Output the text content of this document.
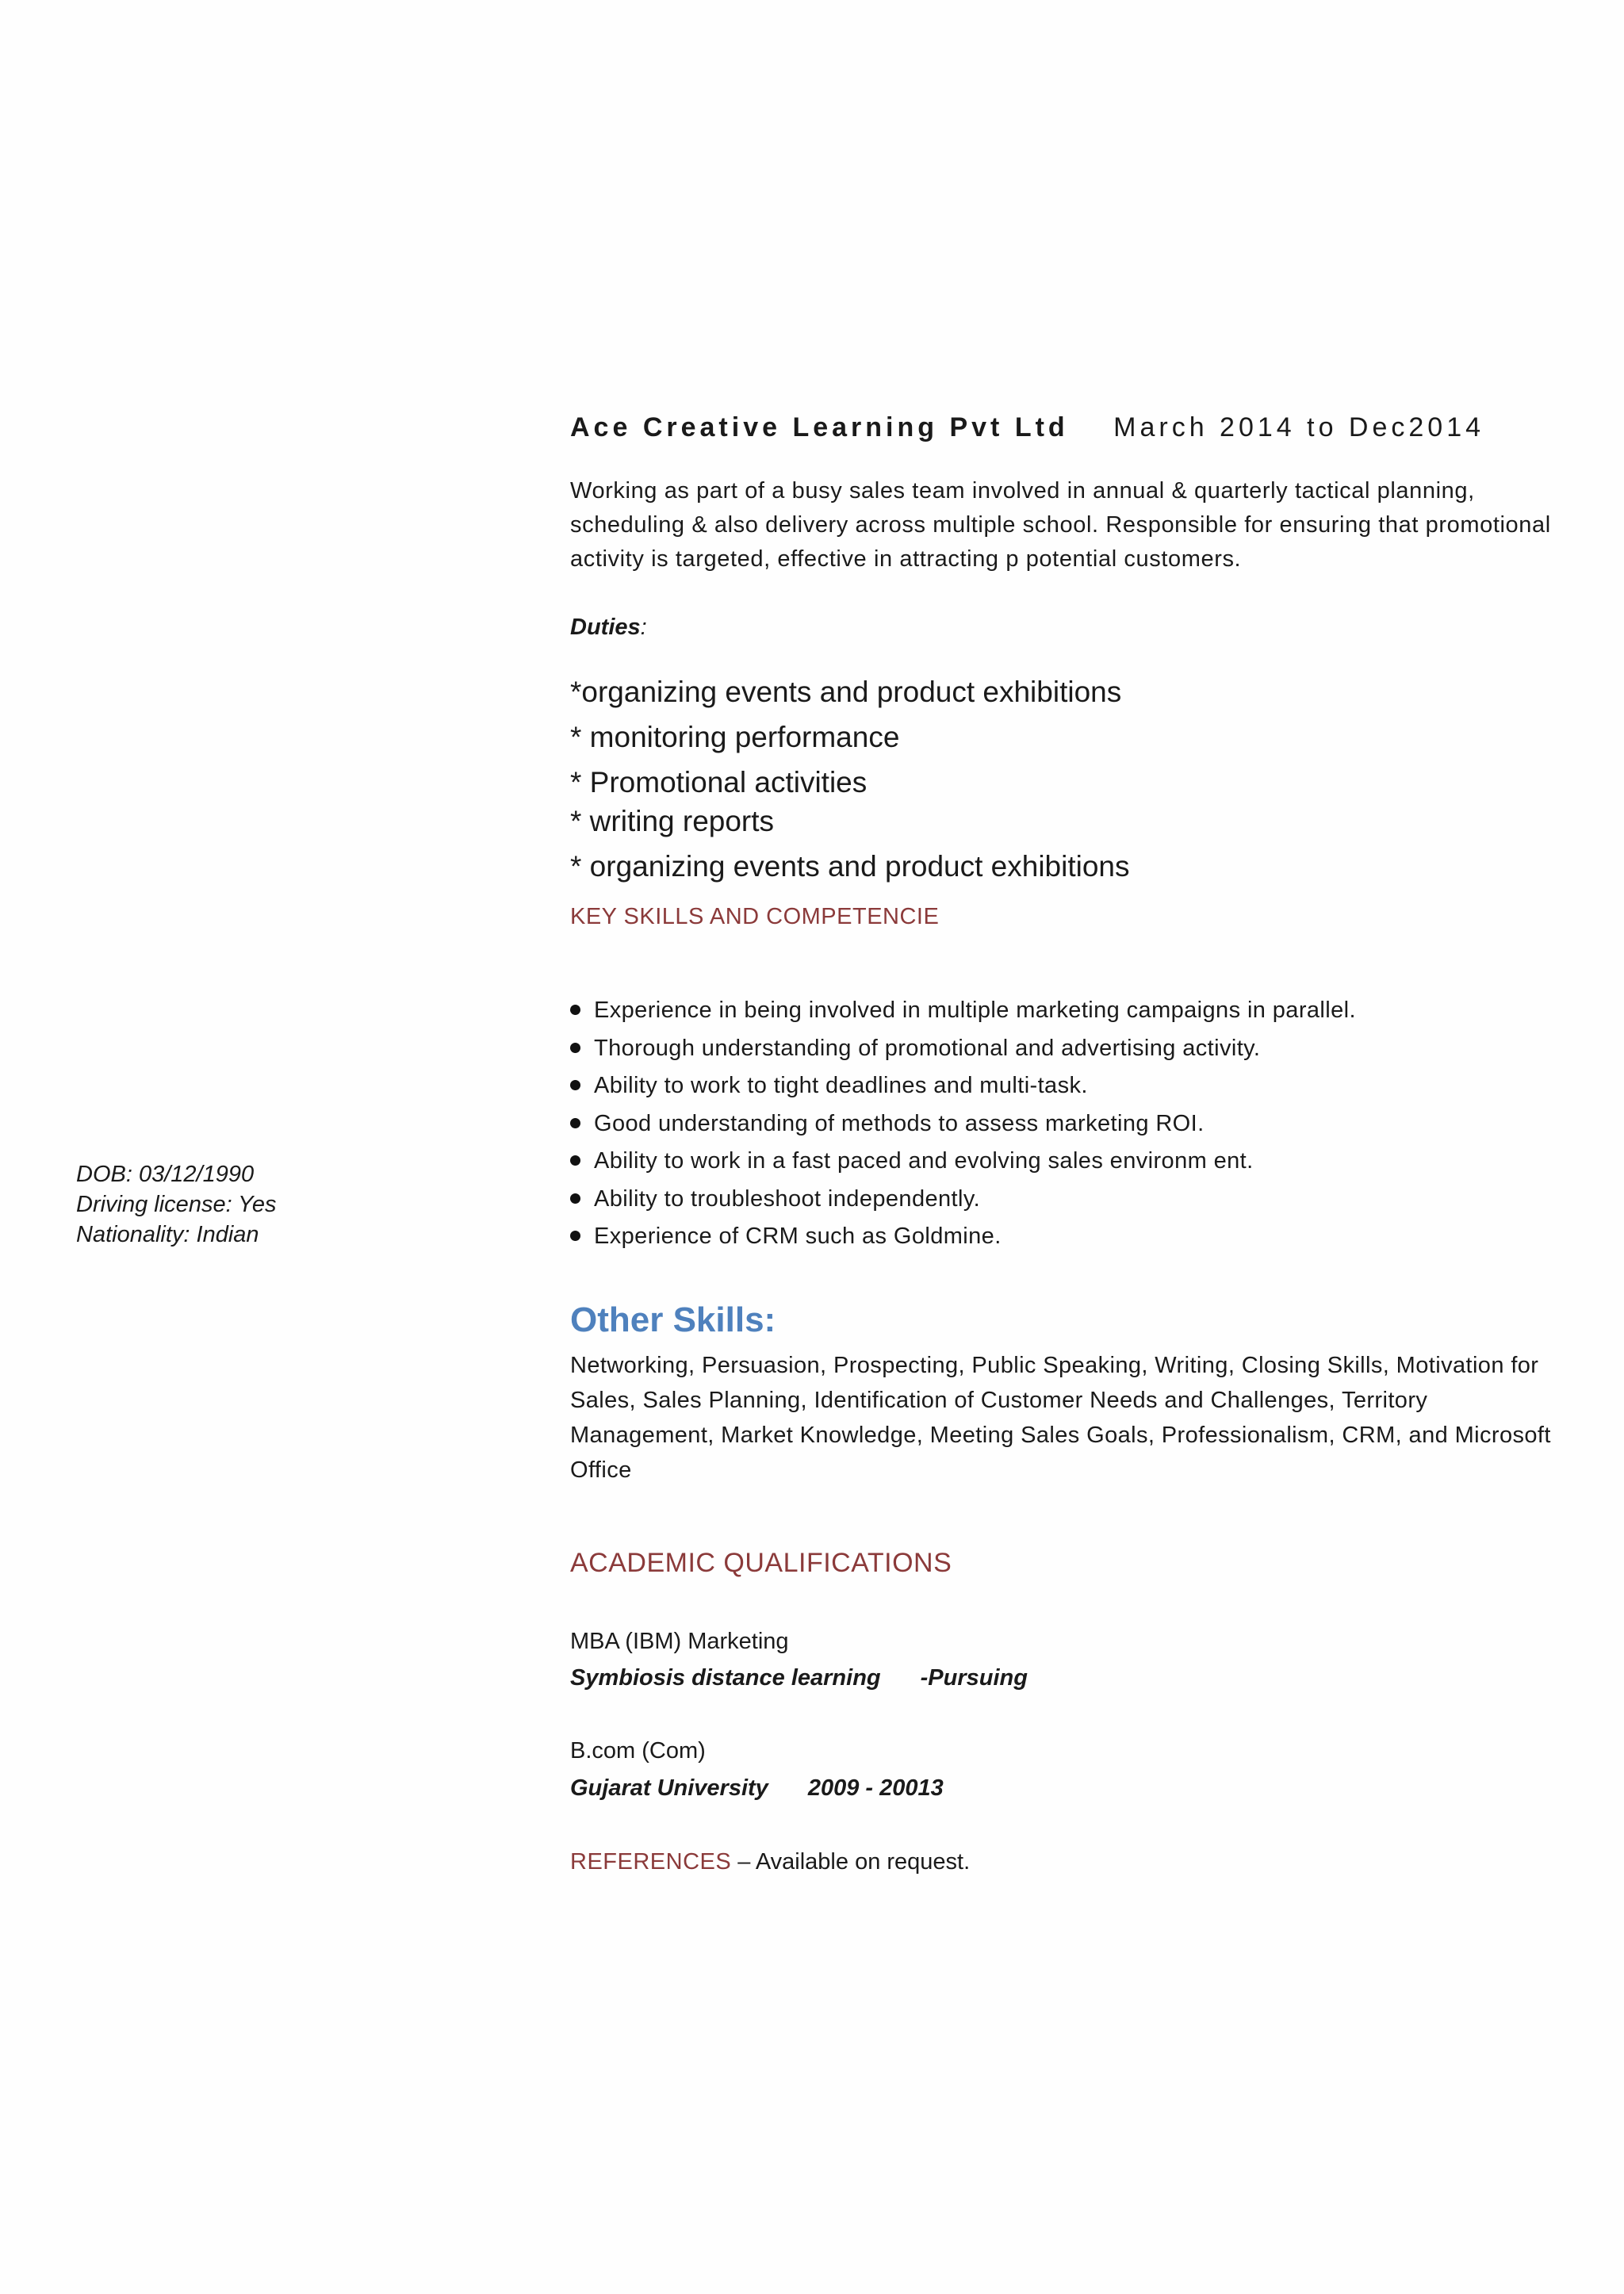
Ace Creative Learning Pvt Ltd March 2014 to Dec2014
Working as part of a busy sales team involved in annual & quarterly tactical planning, scheduling & also delivery across multiple school. Responsible for ensuring that promotional activity is targeted, effective in attracting p potential customers.
Duties:
*organizing events and product exhibitions
* monitoring performance
* Promotional activities
* writing reports
* organizing events and product exhibitions
KEY SKILLS AND COMPETENCIE
Experience in being involved in multiple marketing campaigns in parallel.
Thorough understanding of promotional and advertising activity.
Ability to work to tight deadlines and multi-task.
Good understanding of methods to assess marketing ROI.
Ability to work in a fast paced and evolving sales environm ent.
Ability to troubleshoot independently.
Experience of CRM such as Goldmine.
Other Skills:
Networking, Persuasion, Prospecting, Public Speaking, Writing, Closing Skills, Motivation for Sales, Sales Planning, Identification of Customer Needs and Challenges, Territory Management, Market Knowledge, Meeting Sales Goals, Professionalism, CRM, and Microsoft Office
ACADEMIC QUALIFICATIONS
MBA (IBM) Marketing
Symbiosis distance learning -Pursuing
B.com (Com)
Gujarat University 2009 - 20013
REFERENCES – Available on request.
DOB: 03/12/1990
Driving license: Yes
Nationality: Indian
